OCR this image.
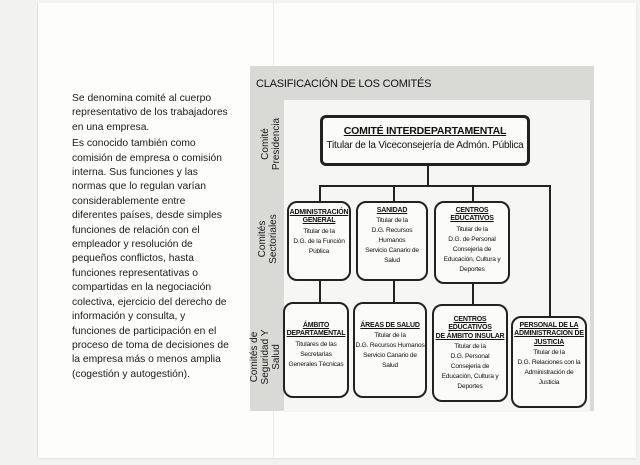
Se denomina comité al cuerpo representativo de los trabajadores en una empresa.

Es conocido también como comisión de empresa o comisión interna. Sus funciones y las normas que lo regulan varían considerablemente entre diferentes países, desde simples funciones de relación con el empleador y resolución de pequeños conflictos, hasta funciones representativas o compartidas en la negociación colectiva, ejercicio del derecho de información y consulta, y funciones de participación en el proceso de toma de decisiones de la empresa más o menos amplia (cogestión y autogestión).

CLASIFICACIÓN DE LOS COMITÉS
Comité Presidencia
Comités Sectoriales
Comités de Seguridad Y Salud
COMITÉ INTERDEPARTAMENTAL
Titular de la Viceconsejería de Admón. Pública
ADMINISTRACIÓN
GENERAL
Titular de la
D.G. de la Función
Pública
SANIDAD
Titular de la
D.G. Recursos
Humanos
Servicio Canario de
Salud
CENTROS EDUCATIVOS
Titular de la
D.G. de Personal
Consejería de
Educación, Cultura y
Deportes
ÁMBITO
DEPARTAMENTAL
Titulares de las
Secretarías
Generales Técnicas
ÁREAS DE SALUD
Titular de la
D.G. Recursos Humanos
Servicio Canario de
Salud
CENTROS EDUCATIVOS
DE ÁMBITO INSULAR
Titular de la
D.G. Personal
Consejería de
Educación, Cultura y
Deportes
PERSONAL DE LA
ADMINISTRACIÓN DE
JUSTICIA
Titular de la
D.G. Relaciones con la
Administración de
Justicia
